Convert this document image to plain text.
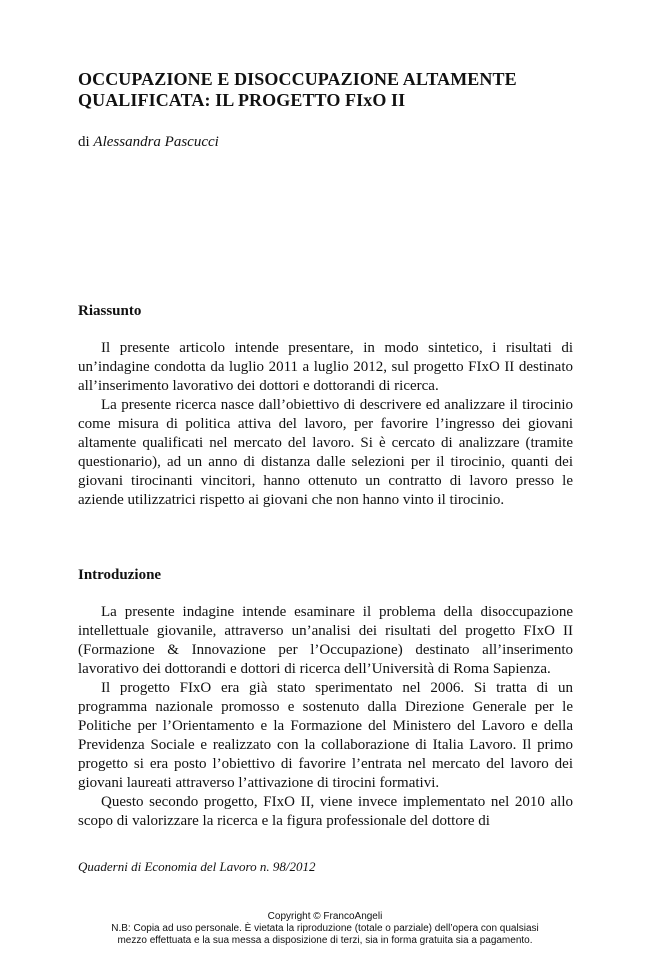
OCCUPAZIONE E DISOCCUPAZIONE ALTAMENTE QUALIFICATA: IL PROGETTO FIxO II
di Alessandra Pascucci
Riassunto

Il presente articolo intende presentare, in modo sintetico, i risultati di un’indagine condotta da luglio 2011 a luglio 2012, sul progetto FIxO II destinato all’inserimento lavorativo dei dottori e dottorandi di ricerca.

La presente ricerca nasce dall’obiettivo di descrivere ed analizzare il tirocinio come misura di politica attiva del lavoro, per favorire l’ingresso dei giovani altamente qualificati nel mercato del lavoro. Si è cercato di analizzare (tramite questionario), ad un anno di distanza dalle selezioni per il tirocinio, quanti dei giovani tirocinanti vincitori, hanno ottenuto un contratto di lavoro presso le aziende utilizzatrici rispetto ai giovani che non hanno vinto il tirocinio.

Introduzione

La presente indagine intende esaminare il problema della disoccupazione intellettuale giovanile, attraverso un’analisi dei risultati del progetto FIxO II (Formazione & Innovazione per l’Occupazione) destinato all’inserimento lavorativo dei dottorandi e dottori di ricerca dell’Università di Roma Sapienza.

Il progetto FIxO era già stato sperimentato nel 2006. Si tratta di un programma nazionale promosso e sostenuto dalla Direzione Generale per le Politiche per l’Orientamento e la Formazione del Ministero del Lavoro e della Previdenza Sociale e realizzato con la collaborazione di Italia Lavoro. Il primo progetto si era posto l’obiettivo di favorire l’entrata nel mercato del lavoro dei giovani laureati attraverso l’attivazione di tirocini formativi.

Questo secondo progetto, FIxO II, viene invece implementato nel 2010 allo scopo di valorizzare la ricerca e la figura professionale del dottore di

Quaderni di Economia del Lavoro n. 98/2012
Copyright © FrancoAngeli
N.B: Copia ad uso personale. È vietata la riproduzione (totale o parziale) dell’opera con qualsiasi
mezzo effettuata e la sua messa a disposizione di terzi, sia in forma gratuita sia a pagamento.
